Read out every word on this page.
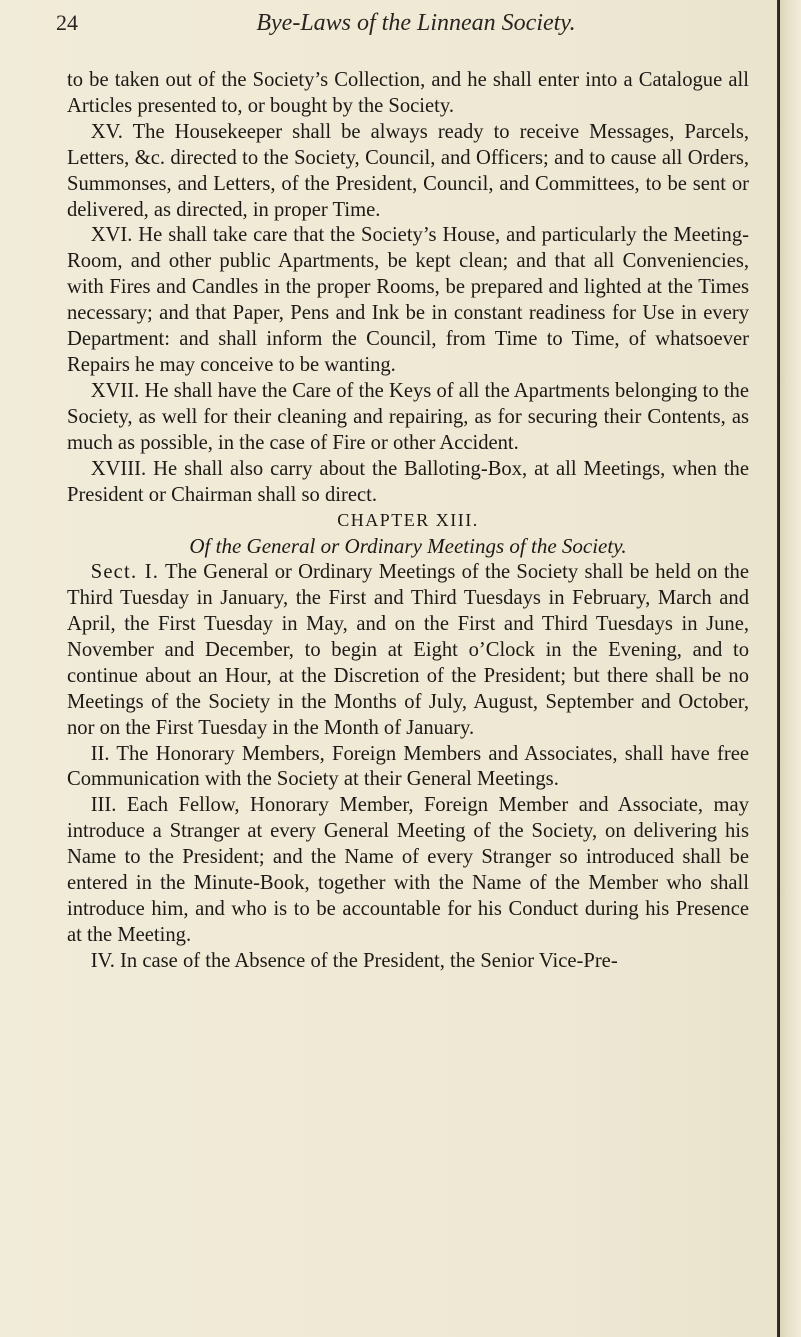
24	Bye-Laws of the Linnean Society.

to be taken out of the Society’s Collection, and he shall enter into a Catalogue all Articles presented to, or bought by the Society.

XV. The Housekeeper shall be always ready to receive Messages, Parcels, Letters, &c. directed to the Society, Council, and Officers; and to cause all Orders, Summonses, and Letters, of the President, Council, and Committees, to be sent or delivered, as directed, in proper Time.

XVI. He shall take care that the Society’s House, and particularly the Meeting-Room, and other public Apartments, be kept clean; and that all Conveniencies, with Fires and Candles in the proper Rooms, be prepared and lighted at the Times necessary; and that Paper, Pens and Ink be in constant readiness for Use in every Department: and shall inform the Council, from Time to Time, of whatsoever Repairs he may conceive to be wanting.

XVII. He shall have the Care of the Keys of all the Apartments belonging to the Society, as well for their cleaning and repairing, as for securing their Contents, as much as possible, in the case of Fire or other Accident.

XVIII. He shall also carry about the Balloting-Box, at all Meetings, when the President or Chairman shall so direct.

CHAPTER XIII.

Of the General or Ordinary Meetings of the Society.

Sect. I. The General or Ordinary Meetings of the Society shall be held on the Third Tuesday in January, the First and Third Tuesdays in February, March and April, the First Tuesday in May, and on the First and Third Tuesdays in June, November and December, to begin at Eight o’Clock in the Evening, and to continue about an Hour, at the Discretion of the President; but there shall be no Meetings of the Society in the Months of July, August, September and October, nor on the First Tuesday in the Month of January.

II. The Honorary Members, Foreign Members and Associates, shall have free Communication with the Society at their General Meetings.

III. Each Fellow, Honorary Member, Foreign Member and Associate, may introduce a Stranger at every General Meeting of the Society, on delivering his Name to the President; and the Name of every Stranger so introduced shall be entered in the Minute-Book, together with the Name of the Member who shall introduce him, and who is to be accountable for his Conduct during his Presence at the Meeting.

IV. In case of the Absence of the President, the Senior Vice-Pre-
